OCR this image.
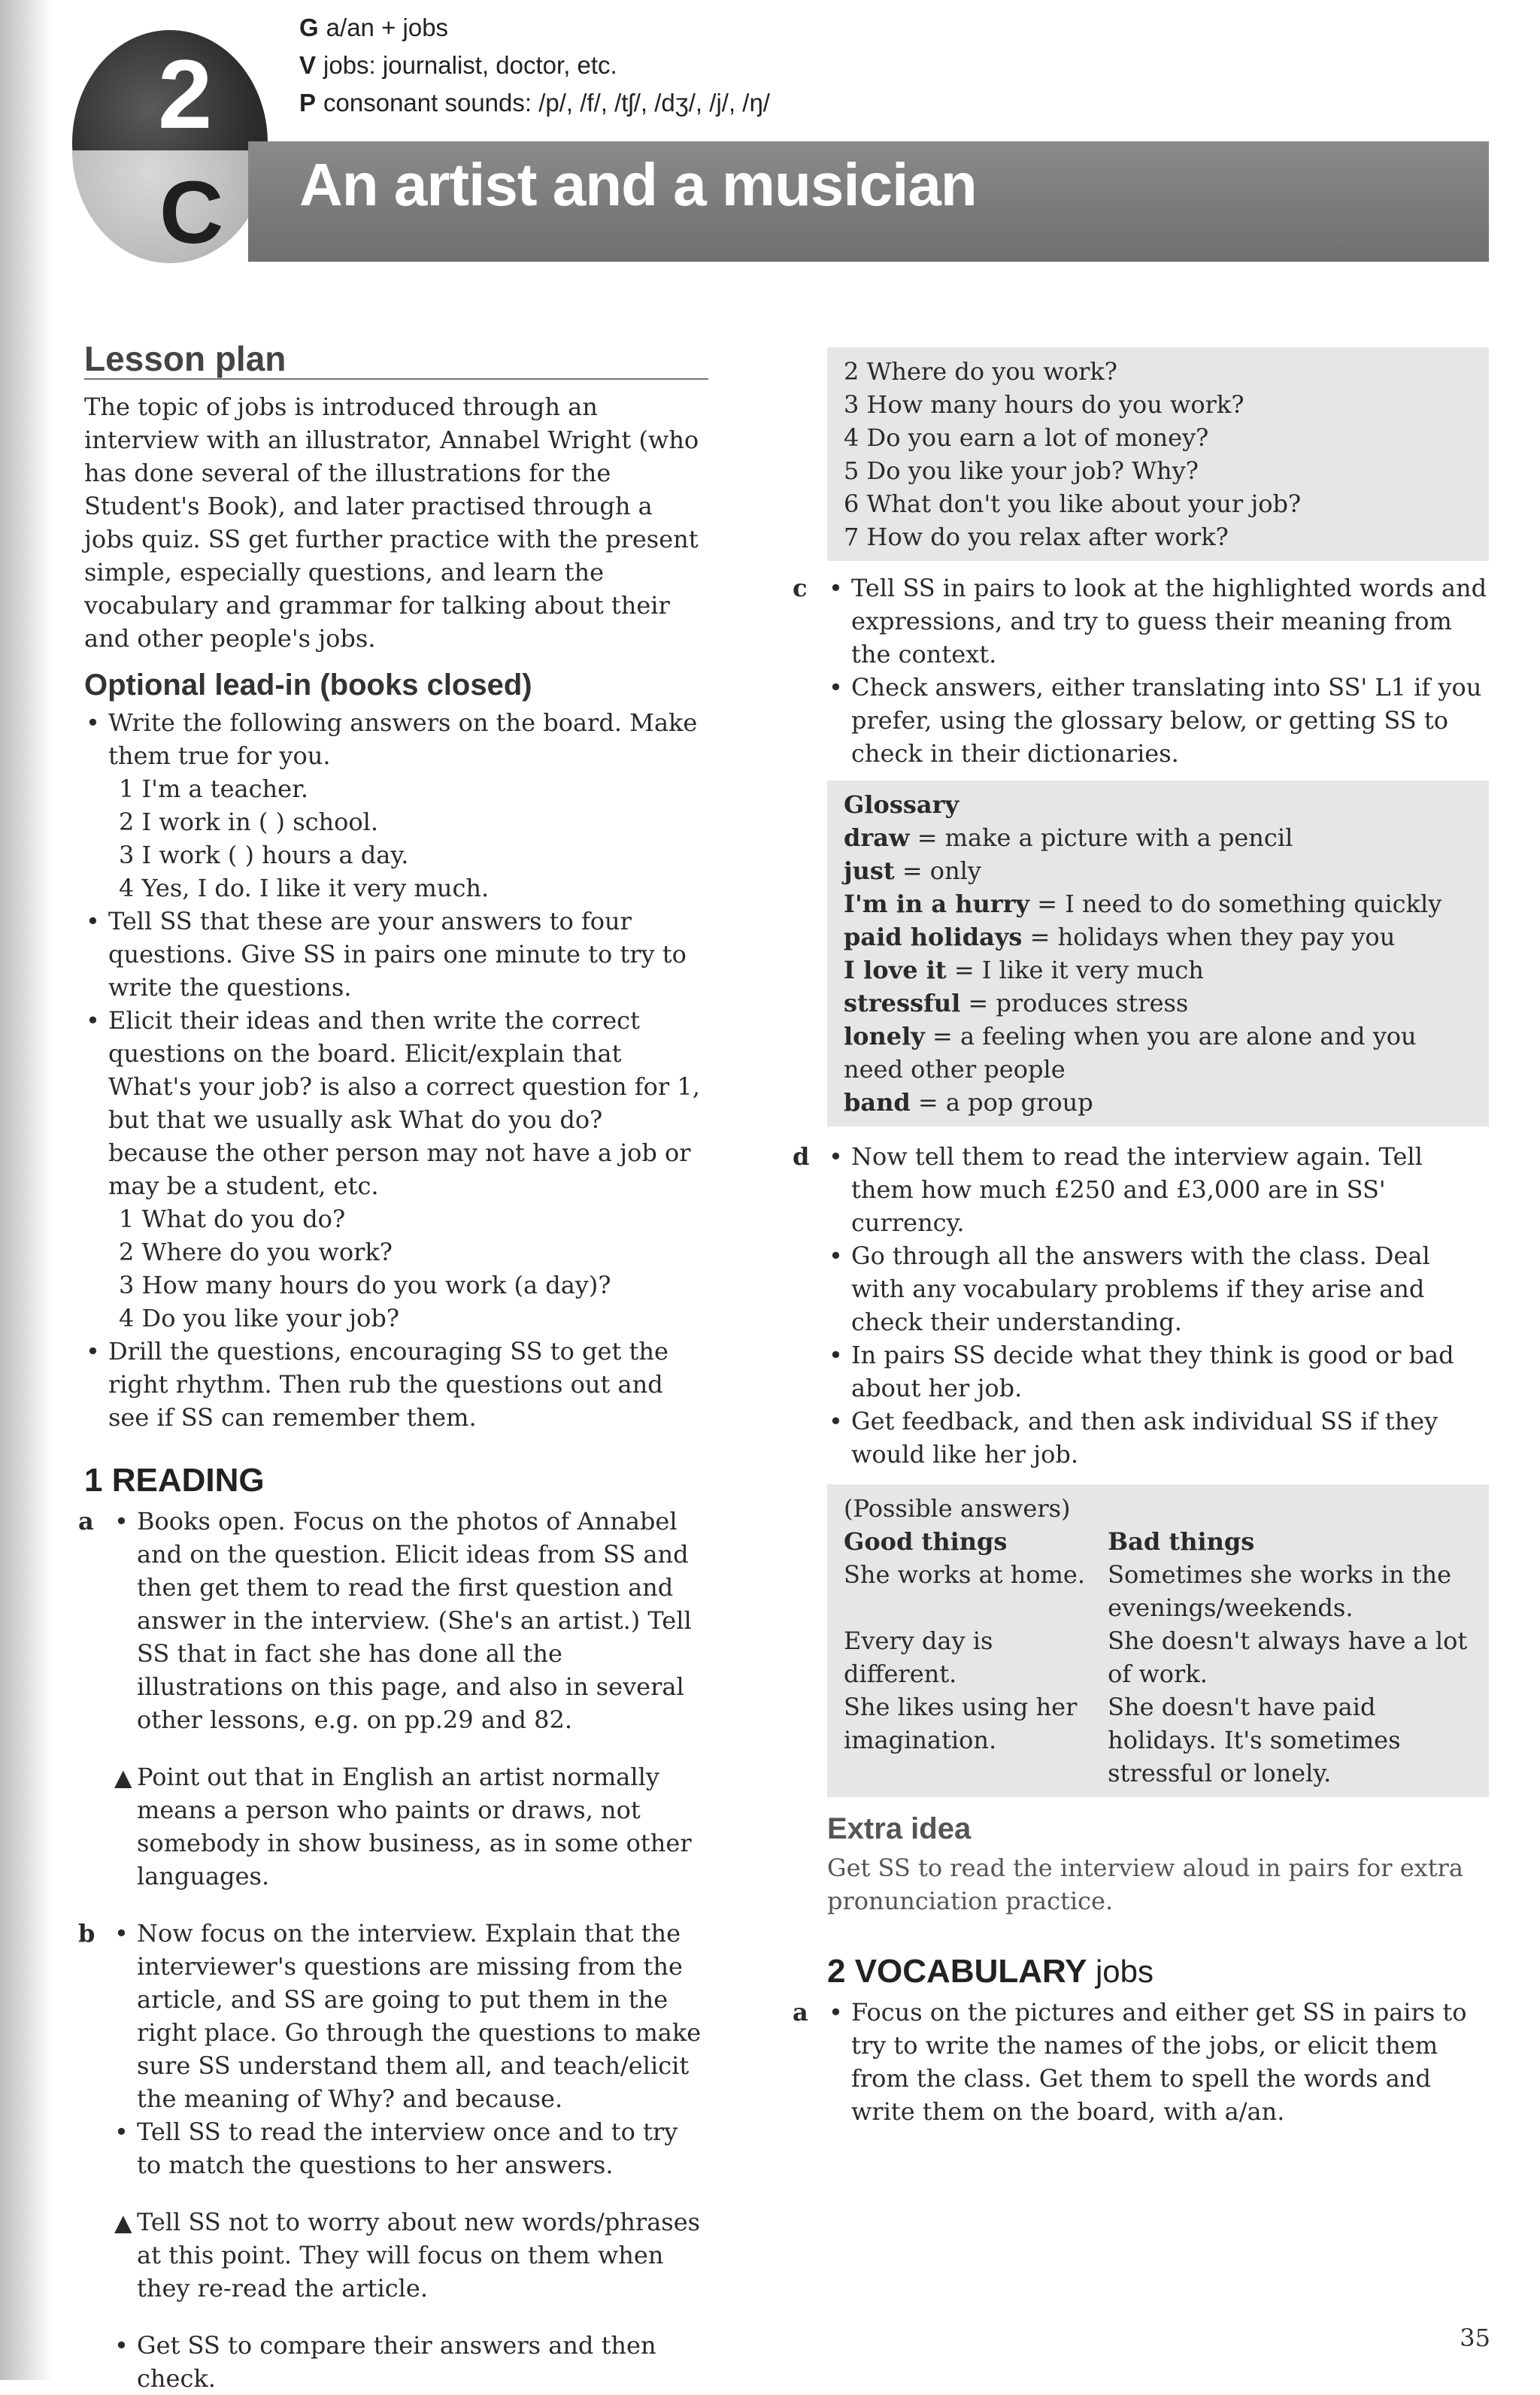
2
C
G a/an + jobs
V jobs: journalist, doctor, etc.
P consonant sounds: /p/, /f/, /tʃ/, /dʒ/, /j/, /ŋ/
An artist and a musician
Lesson plan

The topic of jobs is introduced through an interview with an illustrator, Annabel Wright (who has done several of the illustrations for the Student's Book), and later practised through a jobs quiz. SS get further practice with the present simple, especially questions, and learn the vocabulary and grammar for talking about their and other people's jobs.

Optional lead-in (books closed)

• Write the following answers on the board. Make them true for you.

1 I'm a teacher.

2 I work in ( ) school.

3 I work ( ) hours a day.

4 Yes, I do. I like it very much.

• Tell SS that these are your answers to four questions. Give SS in pairs one minute to try to write the questions.

• Elicit their ideas and then write the correct questions on the board. Elicit/explain that What's your job? is also a correct question for 1, but that we usually ask What do you do? because the other person may not have a job or may be a student, etc.

1 What do you do?

2 Where do you work?

3 How many hours do you work (a day)?

4 Do you like your job?

• Drill the questions, encouraging SS to get the right rhythm. Then rub the questions out and see if SS can remember them.

1 READING
a	• Books open. Focus on the photos of Annabel and on the question. Elicit ideas from SS and then get them to read the first question and answer in the interview. (She's an artist.) Tell SS that in fact she has done all the illustrations on this page, and also in several other lessons, e.g. on pp.29 and 82.

▲
Point out that in English an artist normally means a person who paints or draws, not somebody in show business, as in some other languages.

b	• Now focus on the interview. Explain that the interviewer's questions are missing from the article, and SS are going to put them in the right place. Go through the questions to make sure SS understand them all, and teach/elicit the meaning of Why? and because.

• Tell SS to read the interview once and to try to match the questions to her answers.

▲
Tell SS not to worry about new words/phrases at this point. They will focus on them when they re-read the article.

• Get SS to compare their answers and then check.

2 Where do you work?

3 How many hours do you work?

4 Do you earn a lot of money?

5 Do you like your job? Why?

6 What don't you like about your job?

7 How do you relax after work?

c	• Tell SS in pairs to look at the highlighted words and expressions, and try to guess their meaning from the context.

• Check answers, either translating into SS' L1 if you prefer, using the glossary below, or getting SS to check in their dictionaries.

Glossary

draw = make a picture with a pencil

just = only

I'm in a hurry = I need to do something quickly

paid holidays = holidays when they pay you

I love it = I like it very much

stressful = produces stress

lonely = a feeling when you are alone and you need other people

band = a pop group

d	• Now tell them to read the interview again. Tell them how much £250 and £3,000 are in SS' currency.

• Go through all the answers with the class. Deal with any vocabulary problems if they arise and check their understanding.

• In pairs SS decide what they think is good or bad about her job.

• Get feedback, and then ask individual SS if they would like her job.

(Possible answers)

Good things	Bad things
She works at home.	Sometimes she works in the evenings/weekends.
Every day is different.	She doesn't always have a lot of work.
She likes using her imagination.	She doesn't have paid holidays. It's sometimes stressful or lonely.
Extra idea

Get SS to read the interview aloud in pairs for extra pronunciation practice.

2 VOCABULARY jobs
a	• Focus on the pictures and either get SS in pairs to try to write the names of the jobs, or elicit them from the class. Get them to spell the words and write them on the board, with a/an.

35
